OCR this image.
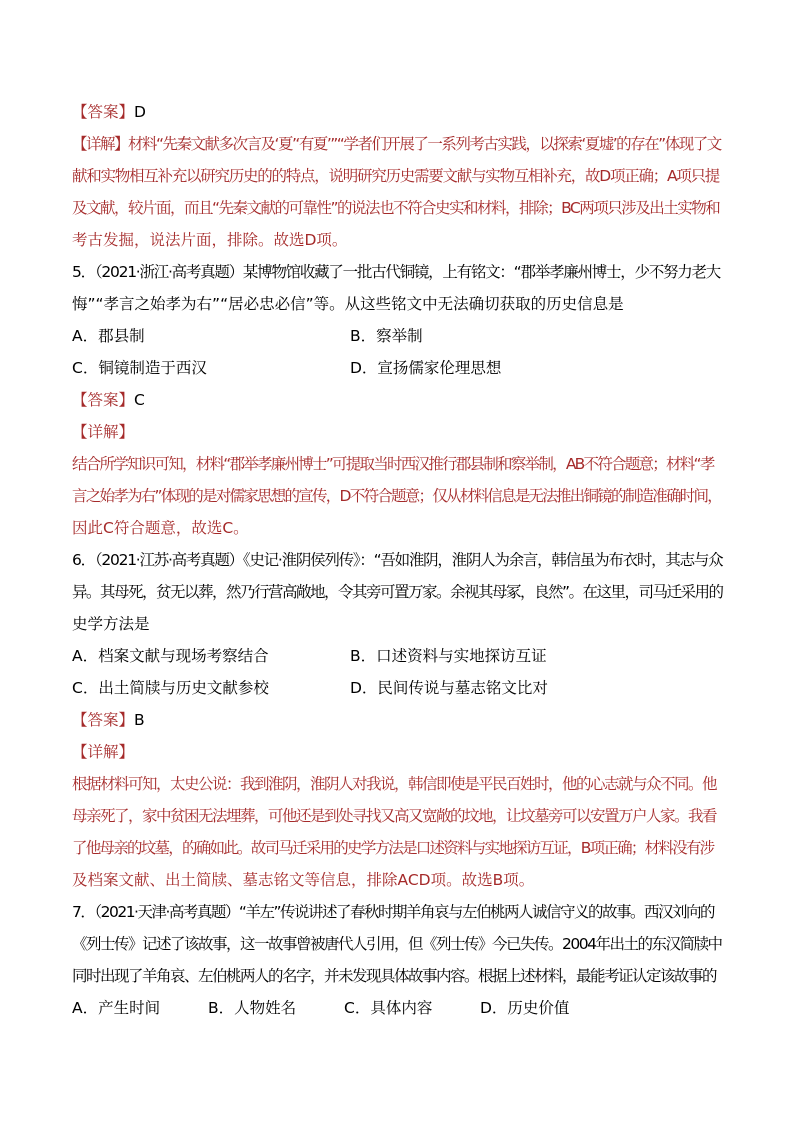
【答案】D
【详解】材料“先秦文献多次言及‘夏’‘有夏’”“学者们开展了一系列考古实践，以探索‘夏墟’的存在”体现了文
献和实物相互补充以研究历史的的特点，说明研究历史需要文献与实物互相补充，故D项正确；A项只提
及文献，较片面，而且“先秦文献的可靠性”的说法也不符合史实和材料，排除；BC两项只涉及出土实物和
考古发掘，说法片面，排除。故选D项。
5．（2021·浙江·高考真题）某博物馆收藏了一批古代铜镜，上有铭文：“郡举孝廉州博士，少不努力老大
悔”“孝言之始孝为右”“居必忠必信”等。从这些铭文中无法确切获取的历史信息是
A．郡县制	B．察举制
C．铜镜制造于西汉	D．宣扬儒家伦理思想
【答案】C
【详解】
结合所学知识可知，材料“郡举孝廉州博士”可提取当时西汉推行郡县制和察举制，AB不符合题意；材料“孝
言之始孝为右”体现的是对儒家思想的宣传，D不符合题意；仅从材料信息是无法推出铜镜的制造准确时间，
因此C符合题意，故选C。
6．（2021·江苏·高考真题）《史记·淮阴侯列传》：“吾如淮阴，淮阴人为余言，韩信虽为布衣时，其志与众
异。其母死，贫无以葬，然乃行营高敞地，令其旁可置万家。余视其母冢，良然”。在这里，司马迁采用的
史学方法是
A．档案文献与现场考察结合	B．口述资料与实地探访互证
C．出土简牍与历史文献参校	D．民间传说与墓志铭文比对
【答案】B
【详解】
根据材料可知，太史公说：我到淮阴，淮阴人对我说，韩信即使是平民百姓时，他的心志就与众不同。他
母亲死了，家中贫困无法埋葬，可他还是到处寻找又高又宽敞的坟地，让坟墓旁可以安置万户人家。我看
了他母亲的坟墓，的确如此。故司马迁采用的史学方法是口述资料与实地探访互证，B项正确；材料没有涉
及档案文献、出土简牍、墓志铭文等信息，排除ACD项。故选B项。
7．（2021·天津·高考真题）“羊左”传说讲述了春秋时期羊角哀与左伯桃两人诚信守义的故事。西汉刘向的
《列士传》记述了该故事，这一故事曾被唐代人引用，但《列士传》今已失传。2004年出土的东汉简牍中
同时出现了羊角哀、左伯桃两人的名字，并未发现具体故事内容。根据上述材料，最能考证认定该故事的
A．产生时间	B．人物姓名	C．具体内容	D．历史价值
